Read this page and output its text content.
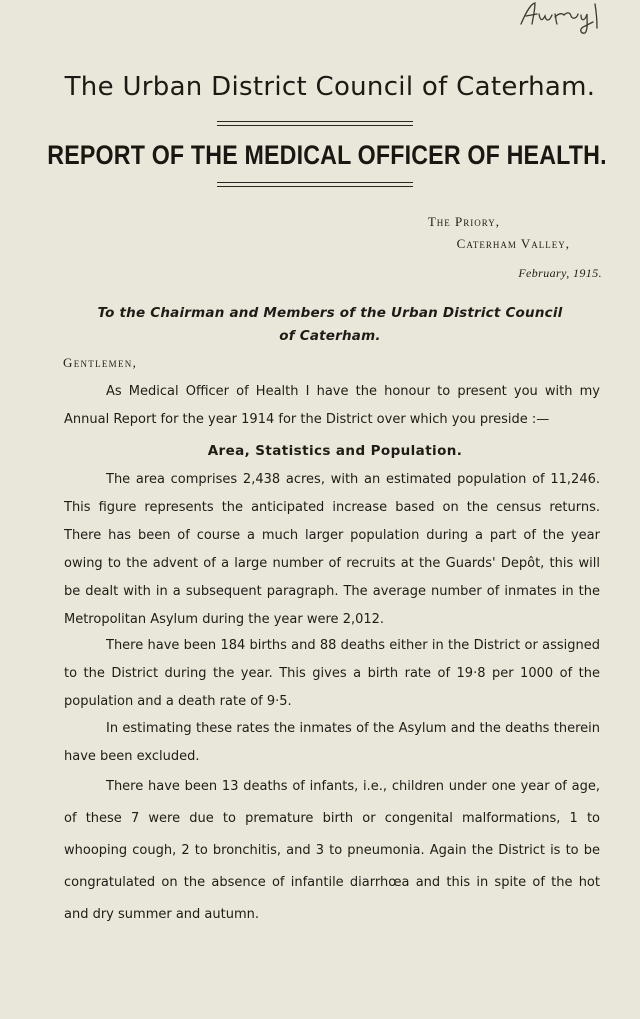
The Urban District Council of Caterham.
REPORT OF THE MEDICAL OFFICER OF HEALTH.
The Priory,
Caterham Valley,
February, 1915.
To the Chairman and Members of the Urban District Council
of Caterham.
Gentlemen,

As Medical Officer of Health I have the honour to present you with my Annual Report for the year 1914 for the District over which you preside :—

Area, Statistics and Population.

The area comprises 2,438 acres, with an estimated population of 11,246. This figure represents the anticipated increase based on the census returns. There has been of course a much larger population during a part of the year owing to the advent of a large number of recruits at the Guards' Depôt, this will be dealt with in a subsequent paragraph. The average number of inmates in the Metropolitan Asylum during the year were 2,012.

There have been 184 births and 88 deaths either in the District or assigned to the District during the year. This gives a birth rate of 19·8 per 1000 of the population and a death rate of 9·5.

In estimating these rates the inmates of the Asylum and the deaths therein have been excluded.

There have been 13 deaths of infants, i.e., children under one year of age, of these 7 were due to premature birth or congenital malformations, 1 to whooping cough, 2 to bronchitis, and 3 to pneumonia. Again the District is to be congratulated on the absence of infantile diarrhœa and this in spite of the hot and dry summer and autumn.
